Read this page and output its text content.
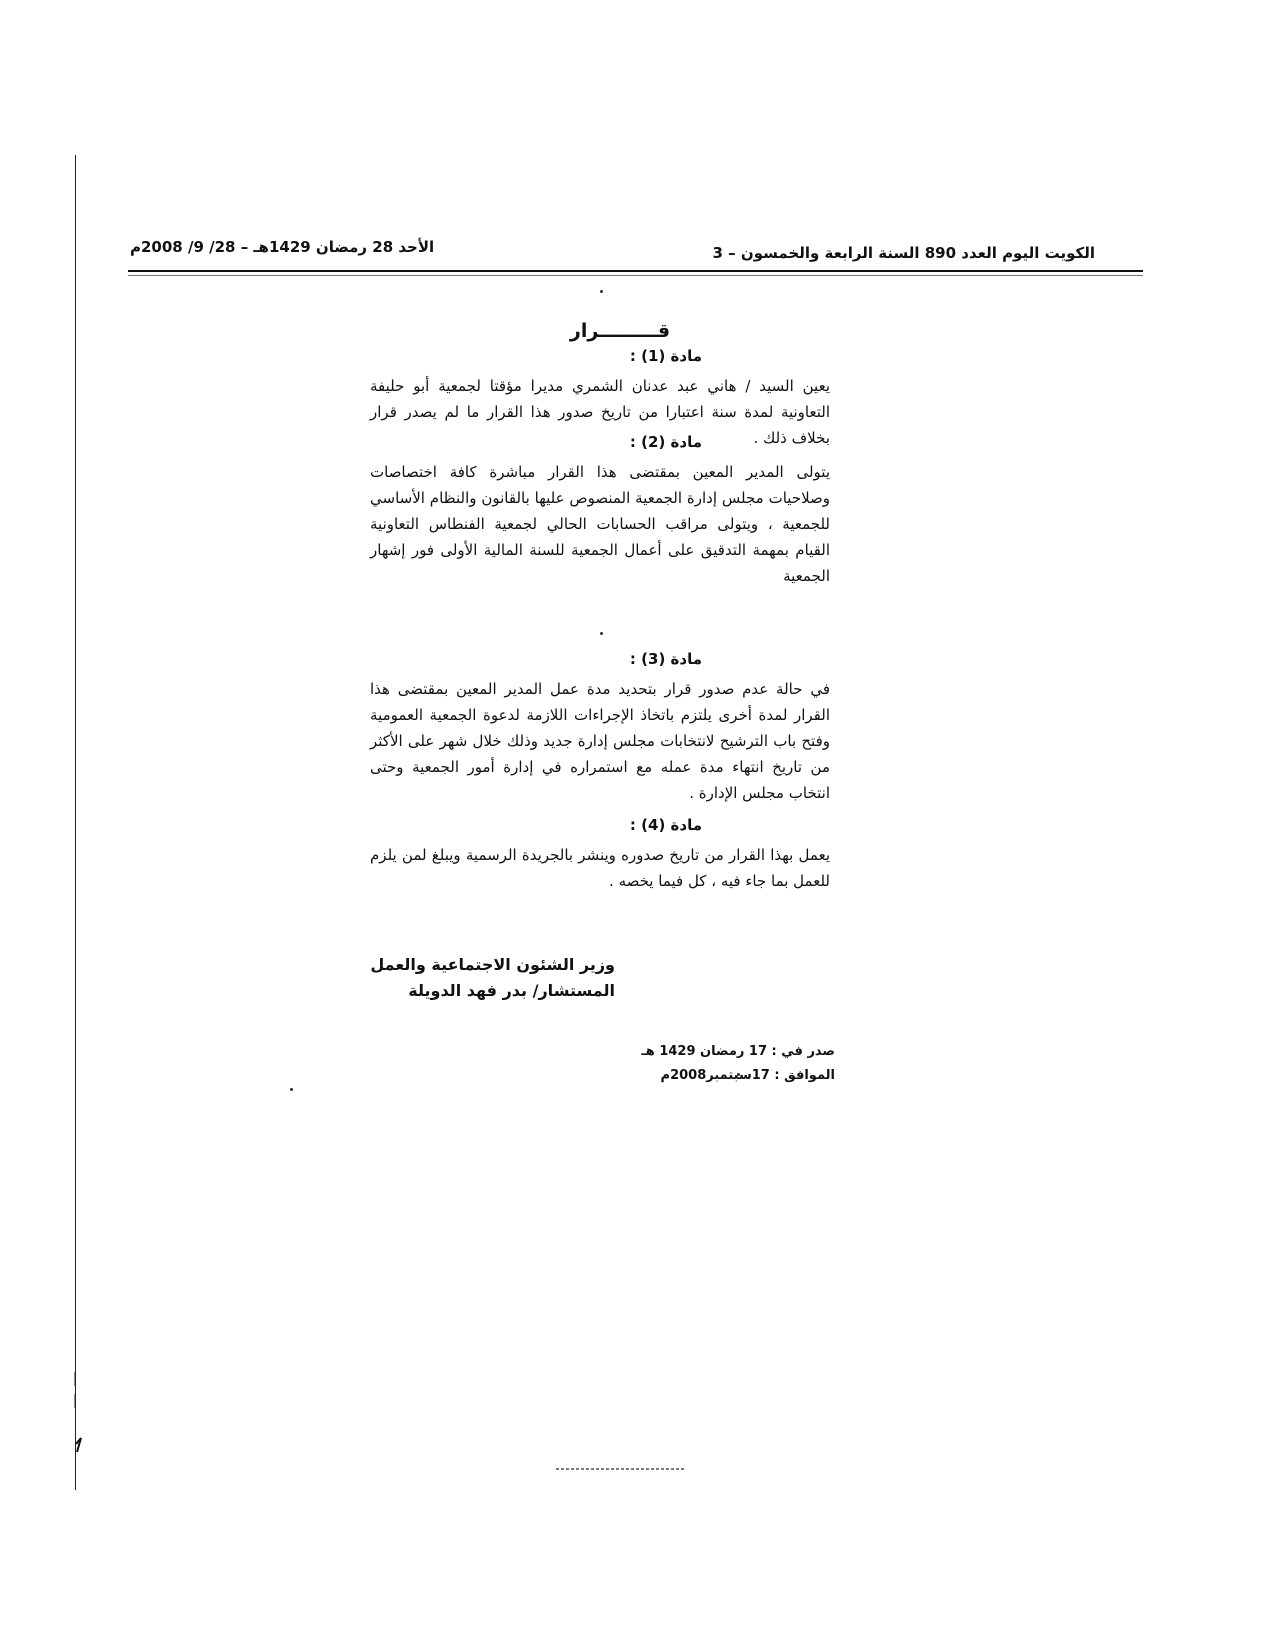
الكويت اليوم العدد 890 السنة الرابعة والخمسون – 3
الأحد 28 رمضان 1429هـ – 28/ 9/ 2008م
قـــــــــرار
مادة (1) :
يعين السيد / هاني عبد عدنان الشمري مديرا مؤقتا لجمعية أبو حليفة التعاونية لمدة سنة اعتبارا من تاريخ صدور هذا القرار ما لم يصدر قرار بخلاف ذلك .
مادة (2) :
يتولى المدير المعين بمقتضى هذا القرار مباشرة كافة اختصاصات وصلاحيات مجلس إدارة الجمعية المنصوص عليها بالقانون والنظام الأساسي للجمعية ، ويتولى مراقب الحسابات الحالي لجمعية الفنطاس التعاونية القيام بمهمة التدقيق على أعمال الجمعية للسنة المالية الأولى فور إشهار الجمعية
مادة (3) :
في حالة عدم صدور قرار بتحديد مدة عمل المدير المعين بمقتضى هذا القرار لمدة أخرى يلتزم باتخاذ الإجراءات اللازمة لدعوة الجمعية العمومية وفتح باب الترشيح لانتخابات مجلس إدارة جديد وذلك خلال شهر على الأكثر من تاريخ انتهاء مدة عمله مع استمراره في إدارة أمور الجمعية وحتى انتخاب مجلس الإدارة .
مادة (4) :
يعمل بهذا القرار من تاريخ صدوره وينشر بالجريدة الرسمية ويبلغ لمن يلزم للعمل بما جاء فيه ، كل فيما يخصه .
وزير الشئون الاجتماعية والعمل
المستشار/ بدر فهد الدويلة
صدر في : 17 رمضان 1429 هـ
الموافق : 17سبتمبر2008م
